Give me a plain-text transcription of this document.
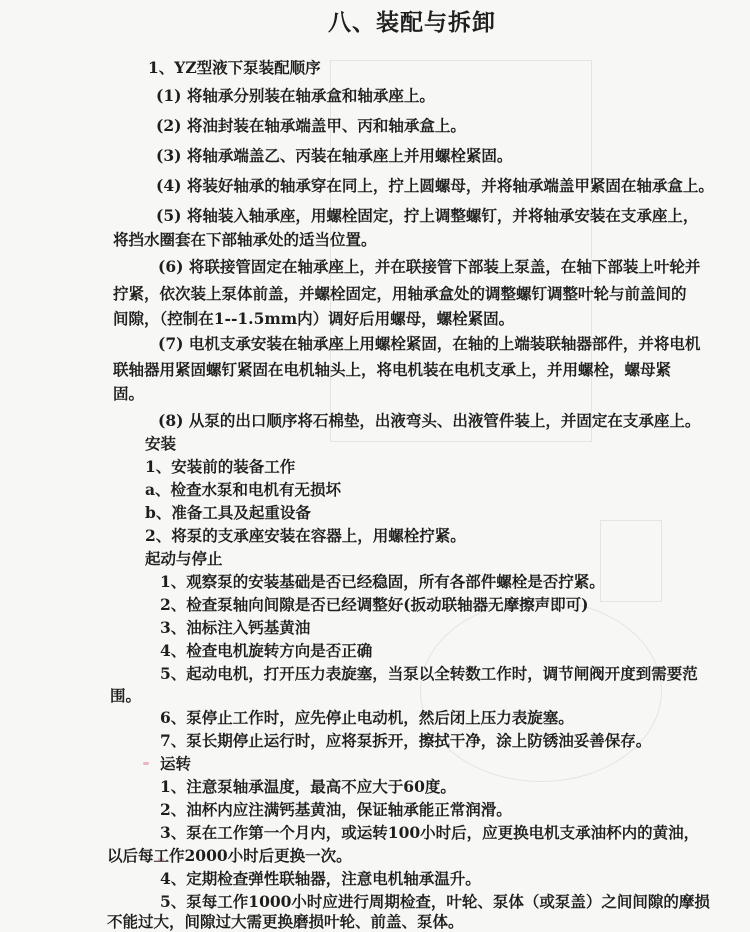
八、装配与拆卸
1、YZ型液下泵装配顺序
(1) 将轴承分别装在轴承盒和轴承座上。
(2) 将油封装在轴承端盖甲、丙和轴承盒上。
(3) 将轴承端盖乙、丙装在轴承座上并用螺栓紧固。
(4) 将装好轴承的轴承穿在同上，拧上圆螺母，并将轴承端盖甲紧固在轴承盒上。
(5) 将轴装入轴承座，用螺栓固定，拧上调整螺钉，并将轴承安装在支承座上，
将挡水圈套在下部轴承处的适当位置。
(6) 将联接管固定在轴承座上，并在联接管下部装上泵盖，在轴下部装上叶轮并
拧紧，依次装上泵体前盖，并螺栓固定，用轴承盒处的调整螺钉调整叶轮与前盖间的
间隙，（控制在1--1.5mm内）调好后用螺母，螺栓紧固。
(7) 电机支承安装在轴承座上用螺栓紧固，在轴的上端装联轴器部件，并将电机
联轴器用紧固螺钉紧固在电机轴头上，将电机装在电机支承上，并用螺栓，螺母紧
固。
(8) 从泵的出口顺序将石棉垫，出液弯头、出液管件装上，并固定在支承座上。
安装
1、安装前的装备工作
a、检查水泵和电机有无损坏
b、准备工具及起重设备
2、将泵的支承座安装在容器上，用螺栓拧紧。
起动与停止
1、观察泵的安装基础是否已经稳固，所有各部件螺栓是否拧紧。
2、检查泵轴向间隙是否已经调整好(扳动联轴器无摩擦声即可)
3、油标注入钙基黄油
4、检查电机旋转方向是否正确
5、起动电机，打开压力表旋塞，当泵以全转数工作时，调节闸阀开度到需要范
围。
6、泵停止工作时，应先停止电动机，然后闭上压力表旋塞。
7、泵长期停止运行时，应将泵拆开，擦拭干净，涂上防锈油妥善保存。
运转
1、注意泵轴承温度，最高不应大于60度。
2、油杯内应注满钙基黄油，保证轴承能正常润滑。
3、泵在工作第一个月内，或运转100小时后，应更换电机支承油杯内的黄油，
以后每工作2000小时后更换一次。
4、定期检查弹性联轴器，注意电机轴承温升。
5、泵每工作1000小时应进行周期检查，叶轮、泵体（或泵盖）之间间隙的摩损
不能过大，间隙过大需更换磨损叶轮、前盖、泵体。
